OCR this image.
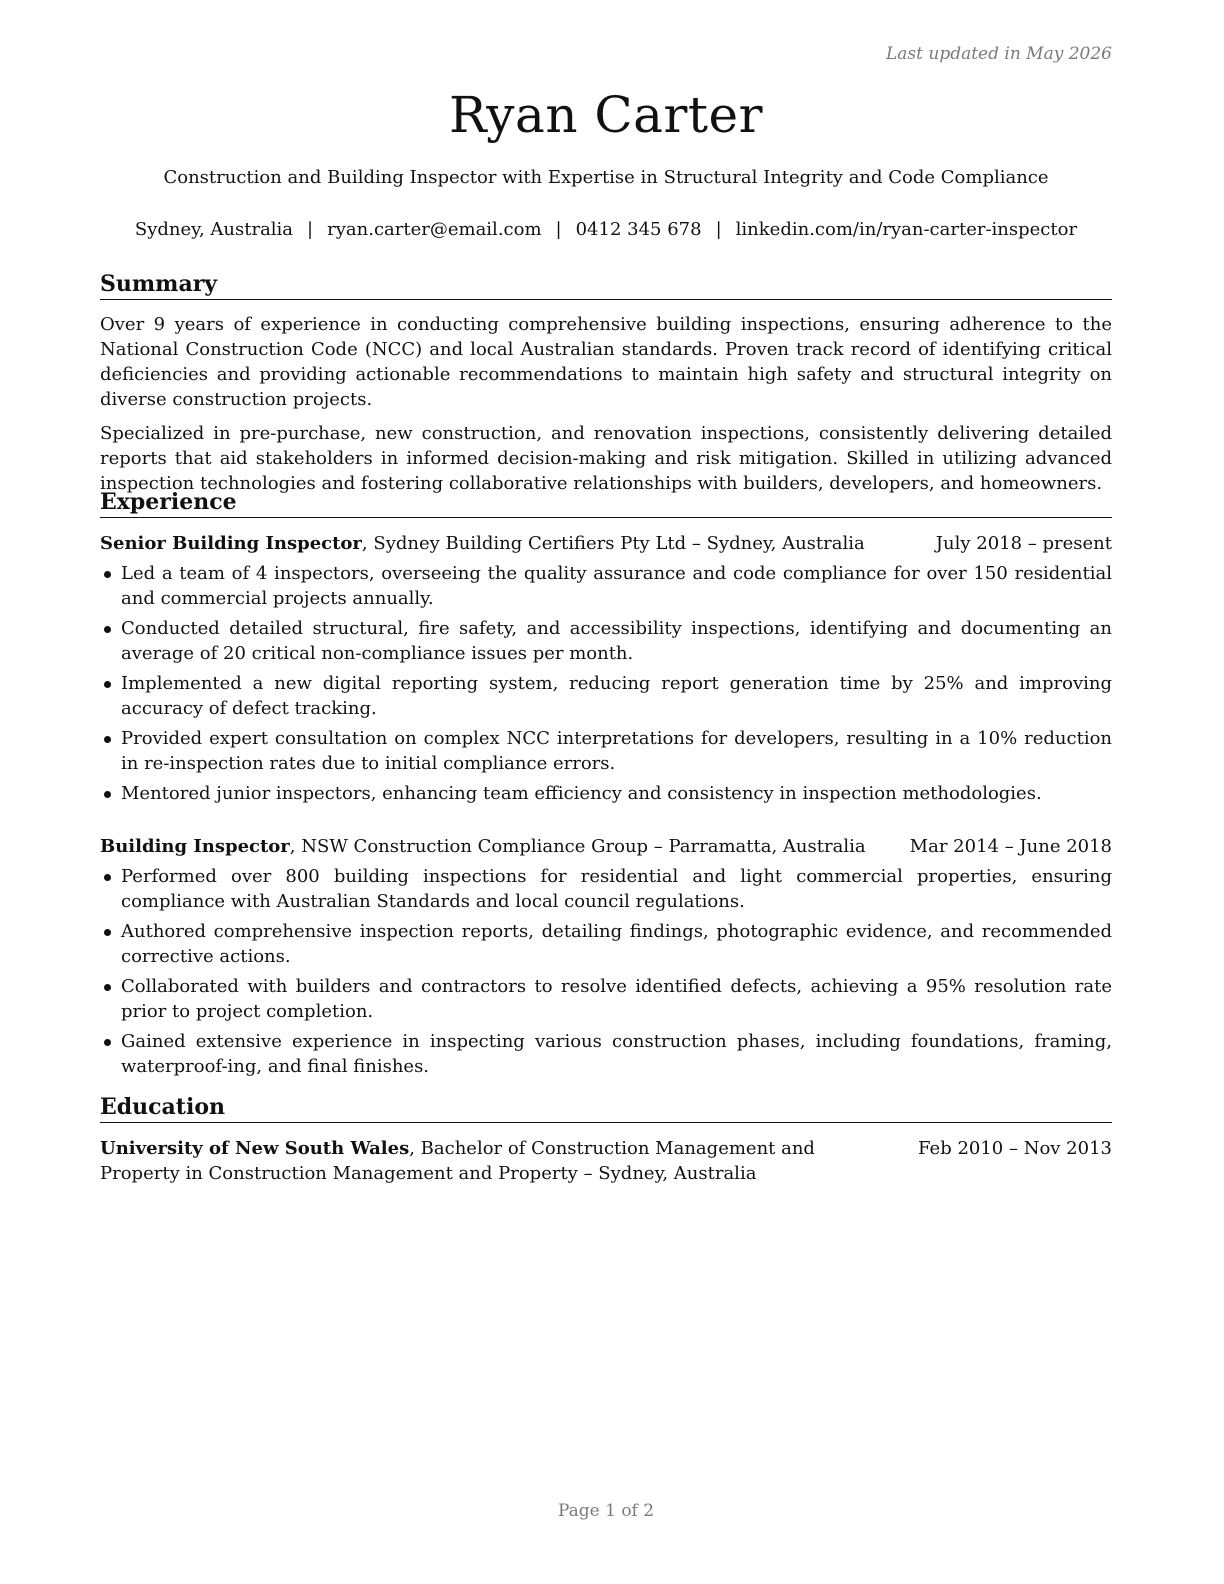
Last updated in May 2026
Ryan Carter
Construction and Building Inspector with Expertise in Structural Integrity and Code Compliance
Sydney, Australia | ryan.carter@email.com | 0412 345 678 | linkedin.com/in/ryan-carter-inspector
Summary

Over 9 years of experience in conducting comprehensive building inspections, ensuring adherence to the National Construction Code (NCC) and local Australian standards. Proven track record of identifying critical deficiencies and providing actionable recommendations to maintain high safety and structural integrity on diverse construction projects.

Specialized in pre-purchase, new construction, and renovation inspections, consistently delivering detailed reports that aid stakeholders in informed decision-making and risk mitigation. Skilled in utilizing advanced inspection technologies and fostering collaborative relationships with builders, developers, and homeowners.

Experience
Senior Building Inspector, Sydney Building Certifiers Pty Ltd – Sydney, Australia	July 2018 – present
Led a team of 4 inspectors, overseeing the quality assurance and code compliance for over 150 residential and commercial projects annually.
Conducted detailed structural, fire safety, and accessibility inspections, identifying and documenting an average of 20 critical non-compliance issues per month.
Implemented a new digital reporting system, reducing report generation time by 25% and improving accuracy of defect tracking.
Provided expert consultation on complex NCC interpretations for developers, resulting in a 10% reduction in re-inspection rates due to initial compliance errors.
Mentored junior inspectors, enhancing team efficiency and consistency in inspection methodologies.
Building Inspector, NSW Construction Compliance Group – Parramatta, Australia Mar 2014 – June 2018
Performed over 800 building inspections for residential and light commercial properties, ensuring compliance with Australian Standards and local council regulations.
Authored comprehensive inspection reports, detailing findings, photographic evidence, and recommended corrective actions.
Collaborated with builders and contractors to resolve identified defects, achieving a 95% resolution rate prior to project completion.
Gained extensive experience in inspecting various construction phases, including foundations, framing, waterproof-ing, and final finishes.
Education
University of New South Wales, Bachelor of Construction Management and Property in Construction Management and Property – Sydney, Australia
Feb 2010 – Nov 2013
Page 1 of 2
